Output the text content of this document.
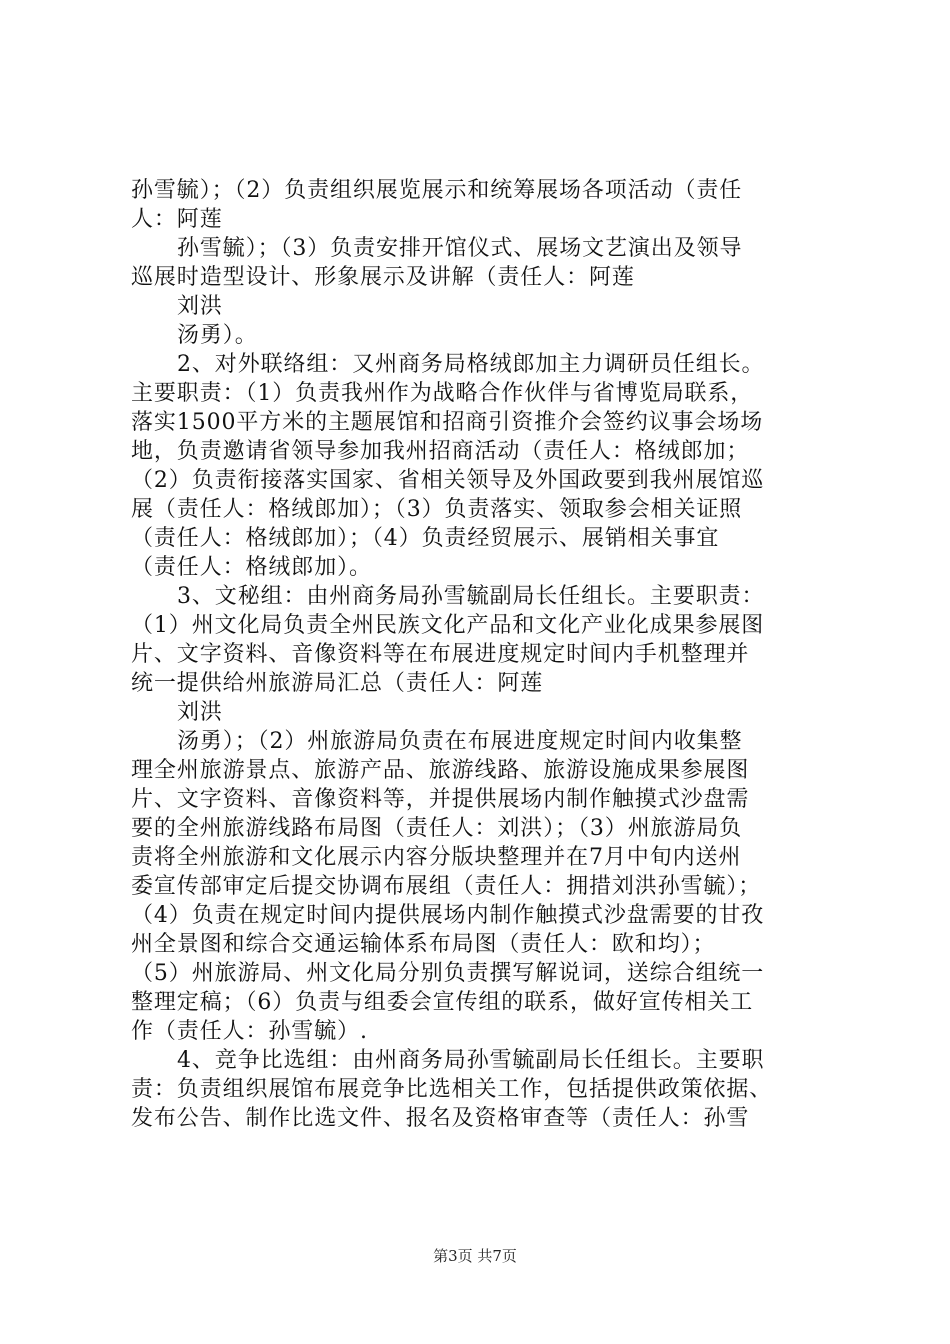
孙雪毓）；（2）负责组织展览展示和统筹展场各项活动（责任
人：阿莲
孙雪毓）；（3）负责安排开馆仪式、展场文艺演出及领导
巡展时造型设计、形象展示及讲解（责任人：阿莲
刘洪
汤勇）。
2、对外联络组：又州商务局格绒郎加主力调研员任组长。
主要职责：（1）负责我州作为战略合作伙伴与省博览局联系，
落实1500平方米的主题展馆和招商引资推介会签约议事会场场
地，负责邀请省领导参加我州招商活动（责任人：格绒郎加；
（2）负责衔接落实国家、省相关领导及外国政要到我州展馆巡
展（责任人：格绒郎加）；（3）负责落实、领取参会相关证照
（责任人：格绒郎加）；（4）负责经贸展示、展销相关事宜
（责任人：格绒郎加）。
3、文秘组：由州商务局孙雪毓副局长任组长。主要职责：
（1）州文化局负责全州民族文化产品和文化产业化成果参展图
片、文字资料、音像资料等在布展进度规定时间内手机整理并
统一提供给州旅游局汇总（责任人：阿莲
刘洪
汤勇）；（2）州旅游局负责在布展进度规定时间内收集整
理全州旅游景点、旅游产品、旅游线路、旅游设施成果参展图
片、文字资料、音像资料等，并提供展场内制作触摸式沙盘需
要的全州旅游线路布局图（责任人：刘洪）；（3）州旅游局负
责将全州旅游和文化展示内容分版块整理并在7月中旬内送州
委宣传部审定后提交协调布展组（责任人：拥措刘洪孙雪毓）；
（4）负责在规定时间内提供展场内制作触摸式沙盘需要的甘孜
州全景图和综合交通运输体系布局图（责任人：欧和均）；
（5）州旅游局、州文化局分别负责撰写解说词，送综合组统一
整理定稿；（6）负责与组委会宣传组的联系，做好宣传相关工
作（责任人：孙雪毓）.
4、竞争比选组：由州商务局孙雪毓副局长任组长。主要职
责：负责组织展馆布展竞争比选相关工作，包括提供政策依据、
发布公告、制作比选文件、报名及资格审查等（责任人：孙雪
第3页 共7页
